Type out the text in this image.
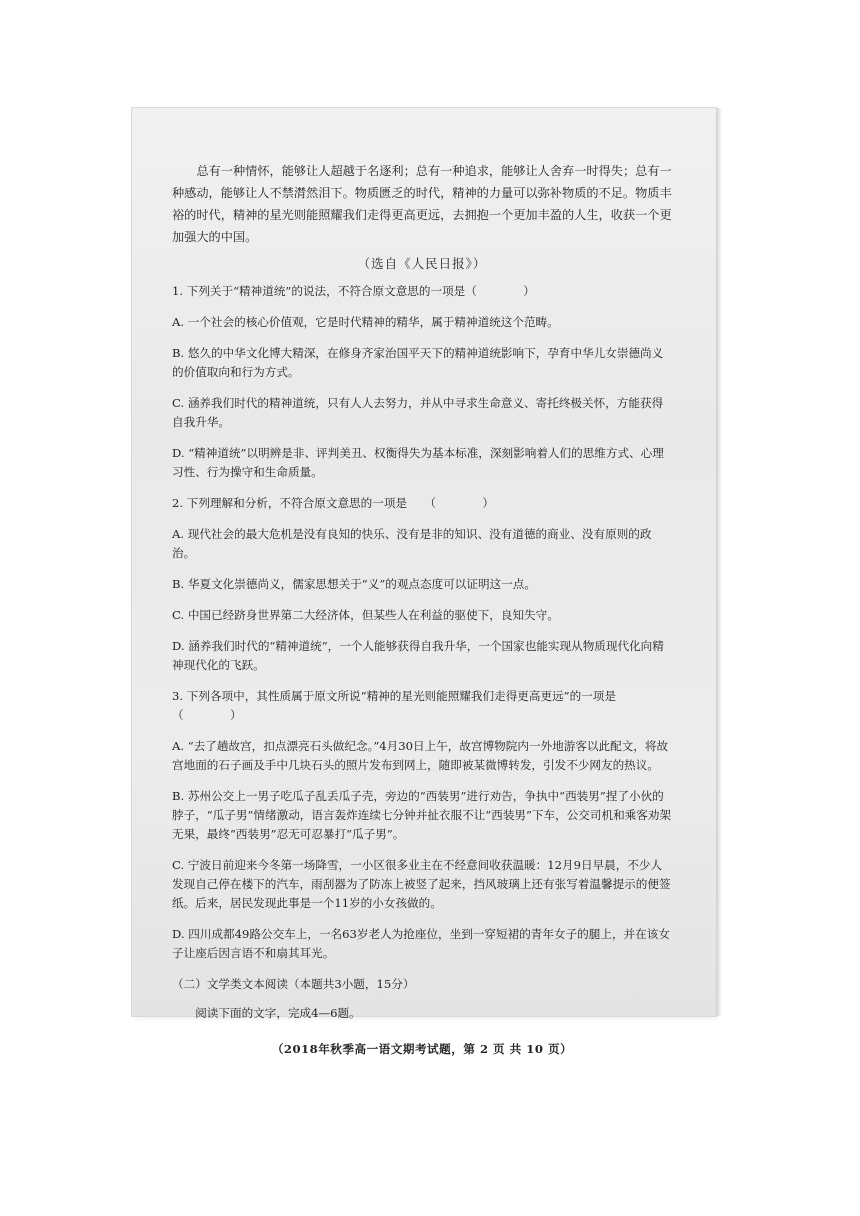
总有一种情怀，能够让人超越于名逐利；总有一种追求，能够让人舍弃一时得失；总有一种感动，能够让人不禁潸然泪下。物质匮乏的时代，精神的力量可以弥补物质的不足。物质丰裕的时代，精神的星光则能照耀我们走得更高更远，去拥抱一个更加丰盈的人生，收获一个更加强大的中国。

（选自《人民日报》）

1. 下列关于“精神道统”的说法，不符合原文意思的一项是（　　　　）

A. 一个社会的核心价值观，它是时代精神的精华，属于精神道统这个范畴。

B. 悠久的中华文化博大精深，在修身齐家治国平天下的精神道统影响下，孕育中华儿女崇德尚义的价值取向和行为方式。

C. 涵养我们时代的精神道统，只有人人去努力，并从中寻求生命意义、寄托终极关怀，方能获得自我升华。

D. “精神道统”以明辨是非、评判美丑、权衡得失为基本标准，深刻影响着人们的思维方式、心理习性、行为操守和生命质量。

2. 下列理解和分析，不符合原文意思的一项是　　（　　　　）

A. 现代社会的最大危机是没有良知的快乐、没有是非的知识、没有道德的商业、没有原则的政治。

B. 华夏文化崇德尚义，儒家思想关于“义”的观点态度可以证明这一点。

C. 中国已经跻身世界第二大经济体，但某些人在利益的驱使下，良知失守。

D. 涵养我们时代的“精神道统”，一个人能够获得自我升华，一个国家也能实现从物质现代化向精神现代化的飞跃。

3. 下列各项中，其性质属于原文所说“精神的星光则能照耀我们走得更高更远”的一项是（　　　　）

A. “去了趟故宫，扣点漂亮石头做纪念。”4月30日上午，故宫博物院内一外地游客以此配文，将故宫地面的石子画及手中几块石头的照片发布到网上，随即被某微博转发，引发不少网友的热议。

B. 苏州公交上一男子吃瓜子乱丢瓜子壳，旁边的“西装男”进行劝告，争执中“西装男”捏了小伙的脖子，“瓜子男”情绪激动，语言轰炸连续七分钟并扯衣服不让“西装男”下车，公交司机和乘客劝架无果，最终“西装男”忍无可忍暴打“瓜子男”。

C. 宁波日前迎来今冬第一场降雪，一小区很多业主在不经意间收获温暖：12月9日早晨，不少人发现自己停在楼下的汽车，雨刮器为了防冻上被竖了起来，挡风玻璃上还有张写着温馨提示的便签纸。后来，居民发现此事是一个11岁的小女孩做的。

D. 四川成都49路公交车上，一名63岁老人为抢座位，坐到一穿短裙的青年女子的腿上，并在该女子让座后因言语不和扇其耳光。

（二）文学类文本阅读（本题共3小题，15分）

阅读下面的文字，完成4—6题。

（2018年秋季高一语文期考试题，第 2 页 共 10 页）
